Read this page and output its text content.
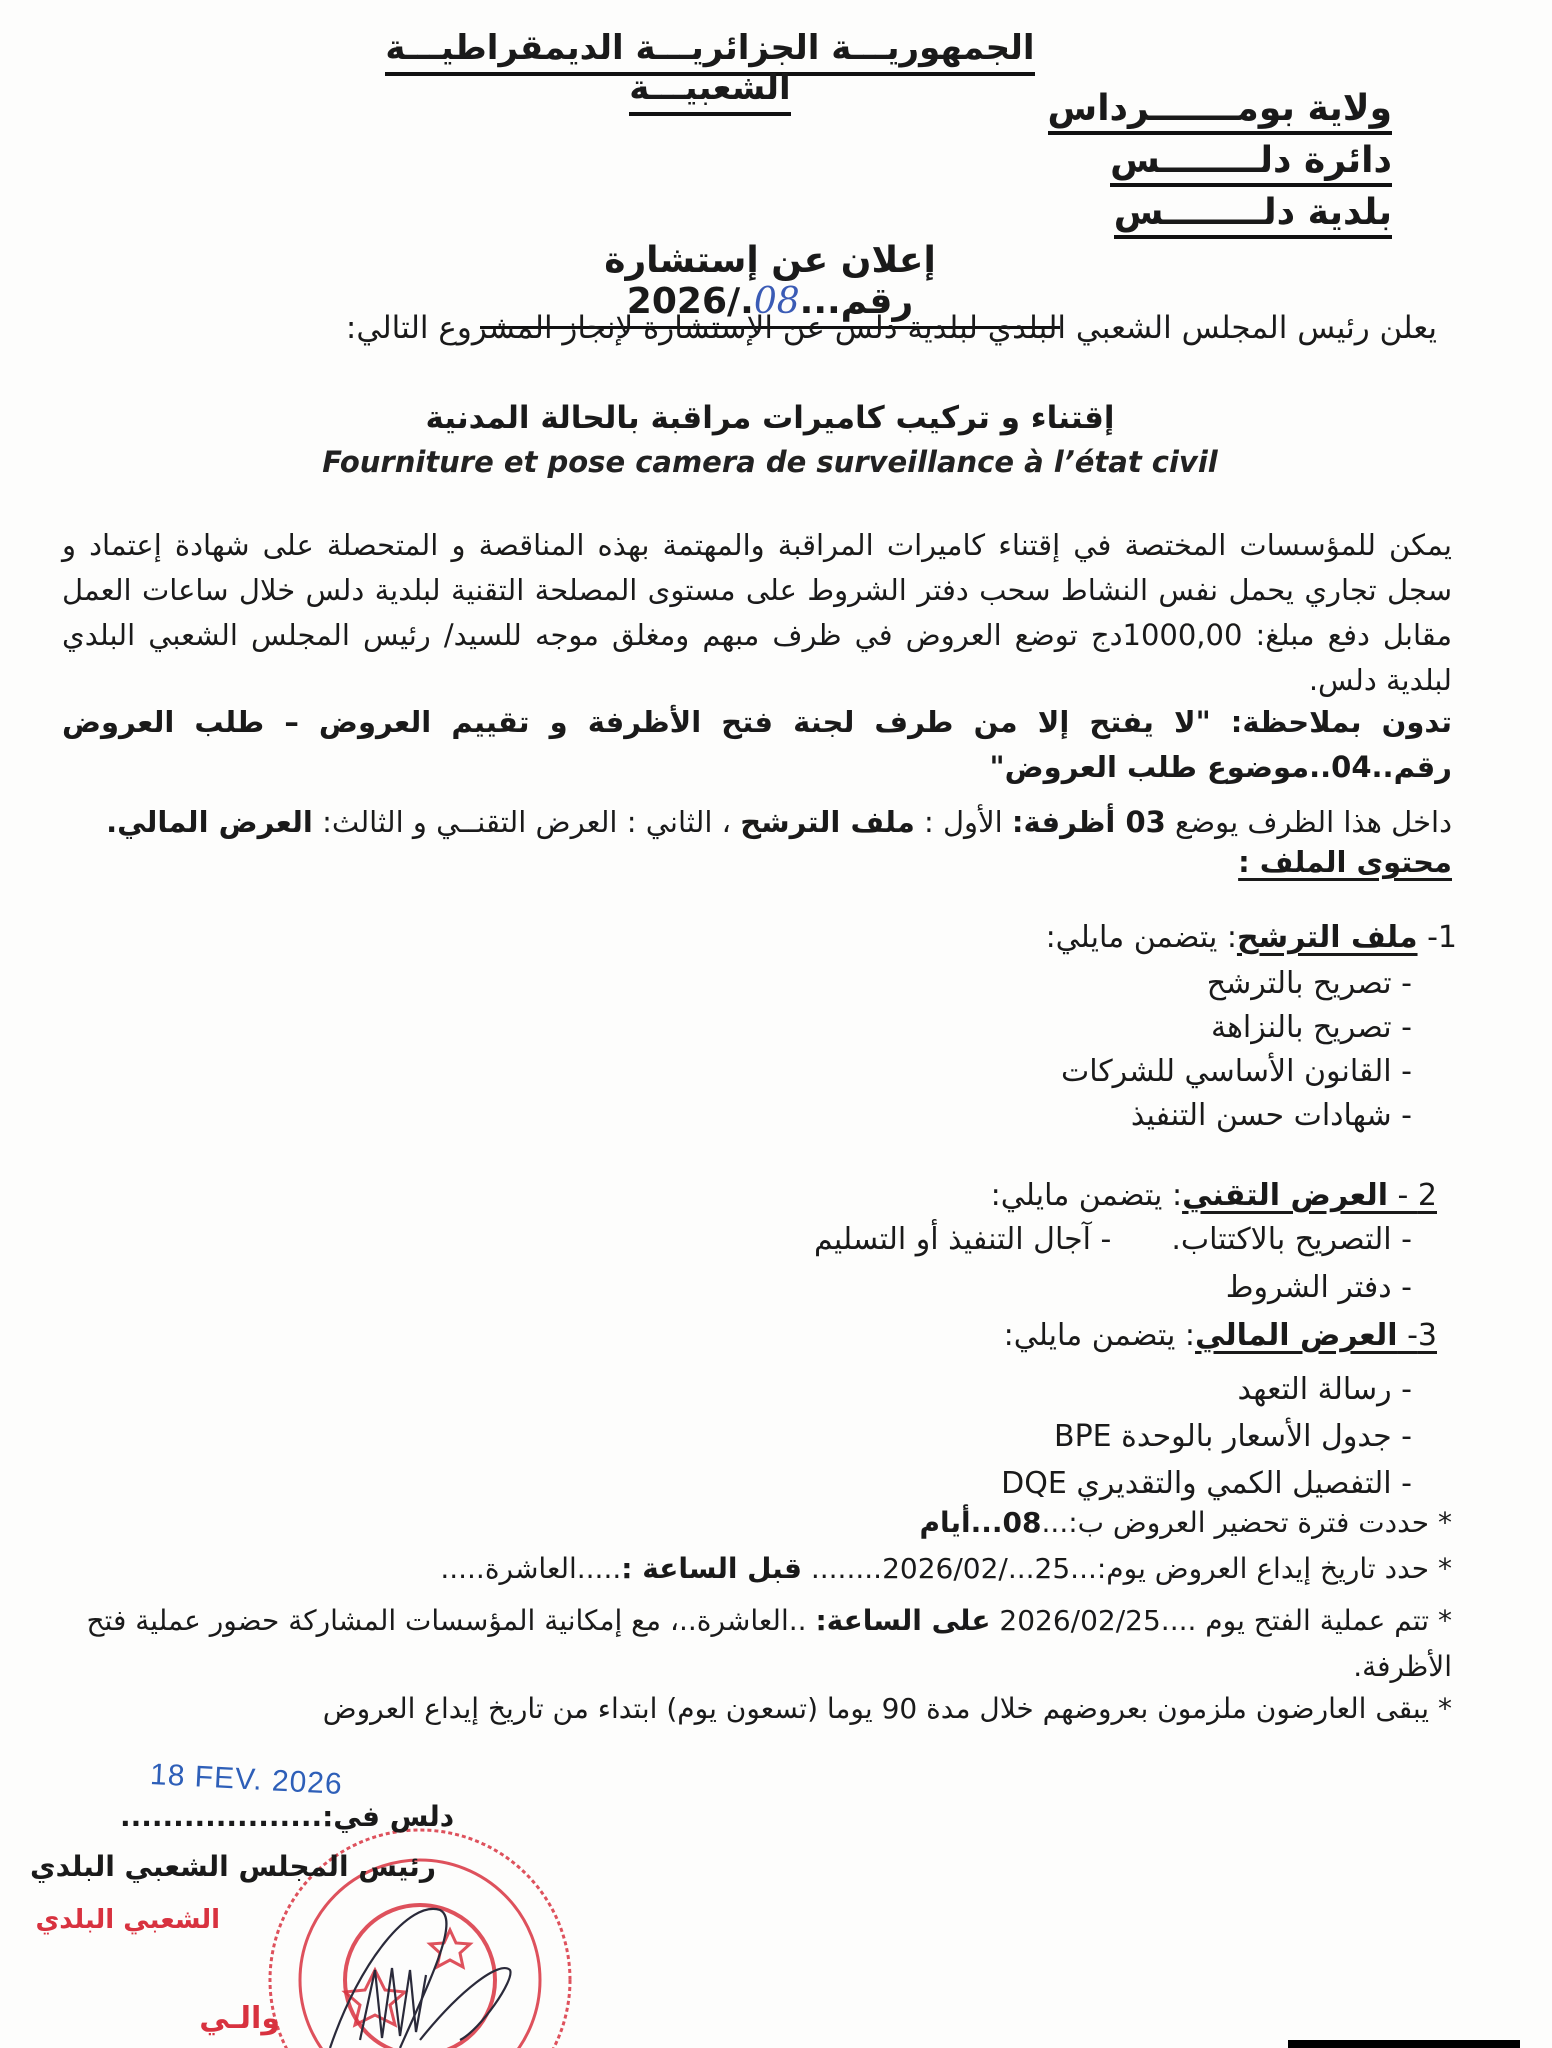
الجمهوريـــة الجزائريـــة الديمقراطيـــة الشعبيـــة	ولاية بومـــــــرداس
دائرة دلــــــــس
بلدية دلــــــــس
إعلان عن إستشارة رقم...08./2026
يعلن رئيس المجلس الشعبي البلدي لبلدية دلس عن الإستشارة لإنجاز المشروع التالي:
إقتناء و تركيب كاميرات مراقبة بالحالة المدنية
Fourniture et pose camera de surveillance à l’état civil
يمكن للمؤسسات المختصة في إقتناء كاميرات المراقبة والمهتمة بهذه المناقصة و المتحصلة على شهادة إعتماد و سجل تجاري يحمل نفس النشاط سحب دفتر الشروط على مستوى المصلحة التقنية لبلدية دلس خلال ساعات العمل مقابل دفع مبلغ: 1000,00دج توضع العروض في ظرف مبهم ومغلق موجه للسيد/ رئيس المجلس الشعبي البلدي لبلدية دلس.
تدون بملاحظة: "لا يفتح إلا من طرف لجنة فتح الأظرفة و تقييم العروض – طلب العروض رقم..04..موضوع طلب العروض"
داخل هذا الظرف يوضع 03 أظرفة: الأول : ملف الترشح ، الثاني : العرض التقنــي و الثالث: العرض المالي.
محتوى الملف :
1- ملف الترشح: يتضمن مايلي:
- تصريح بالترشح
- تصريح بالنزاهة
- القانون الأساسي للشركات
- شهادات حسن التنفيذ
2 - العرض التقني: يتضمن مايلي:
- التصريح بالاكتتاب.- آجال التنفيذ أو التسليم
- دفتر الشروط
3- العرض المالي: يتضمن مايلي:
- رسالة التعهد
- جدول الأسعار بالوحدة BPE
- التفصيل الكمي والتقديري DQE
* حددت فترة تحضير العروض ب:...08...أيام
* حدد تاريخ إيداع العروض يوم:...25.../2026/02........ قبل الساعة :.....العاشرة.....
* تتم عملية الفتح يوم ....2026/02/25 على الساعة: ..العاشرة..، مع إمكانية المؤسسات المشاركة حضور عملية فتح الأظرفة.
* يبقى العارضون ملزمون بعروضهم خلال مدة 90 يوما (تسعون يوم) ابتداء من تاريخ إيداع العروض
الشعبي البلدي
والـي
18 FEV. 2026
دلس في:...................
رئيس المجلس الشعبي البلدي
